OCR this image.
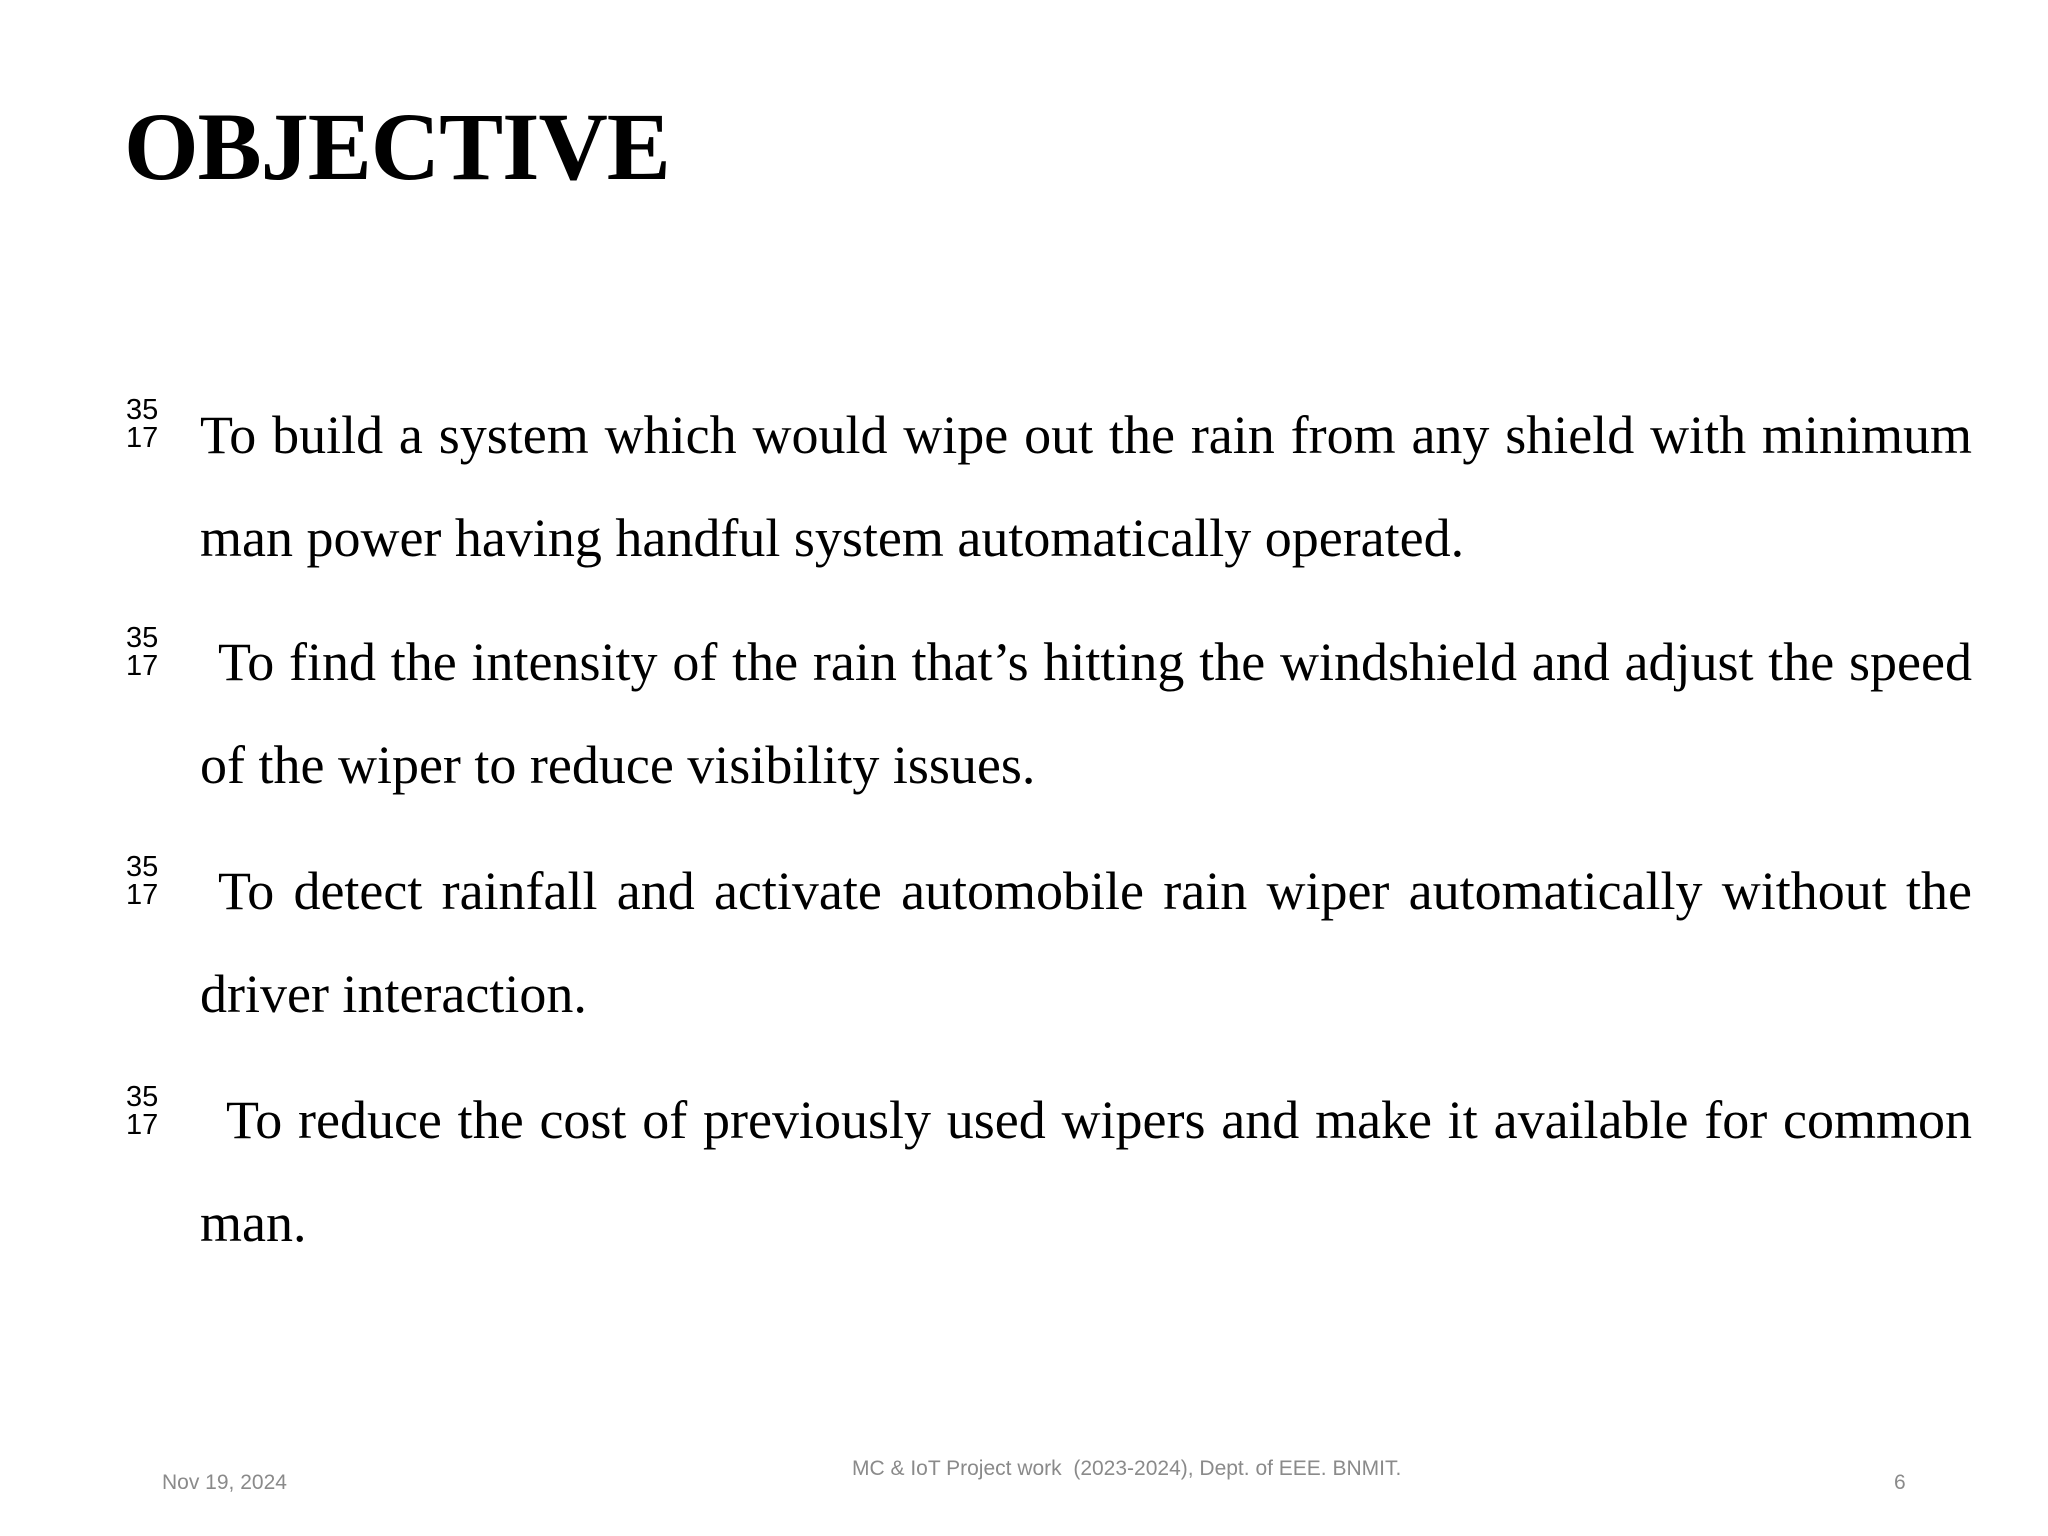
OBJECTIVE
35
17 To build a system which would wipe out the rain from any shield with minimum man power having handful system automatically operated.

35
17	To find the intensity of the rain that’s hitting the windshield and adjust the speed of the wiper to reduce visibility issues.

35
17	To detect rainfall and activate automobile rain wiper automatically without the driver interaction.

35
17	To reduce the cost of previously used wipers and make it available for common man.

Nov 19, 2024
MC & IoT Project work  (2023-2024), Dept. of EEE. BNMIT.
6
